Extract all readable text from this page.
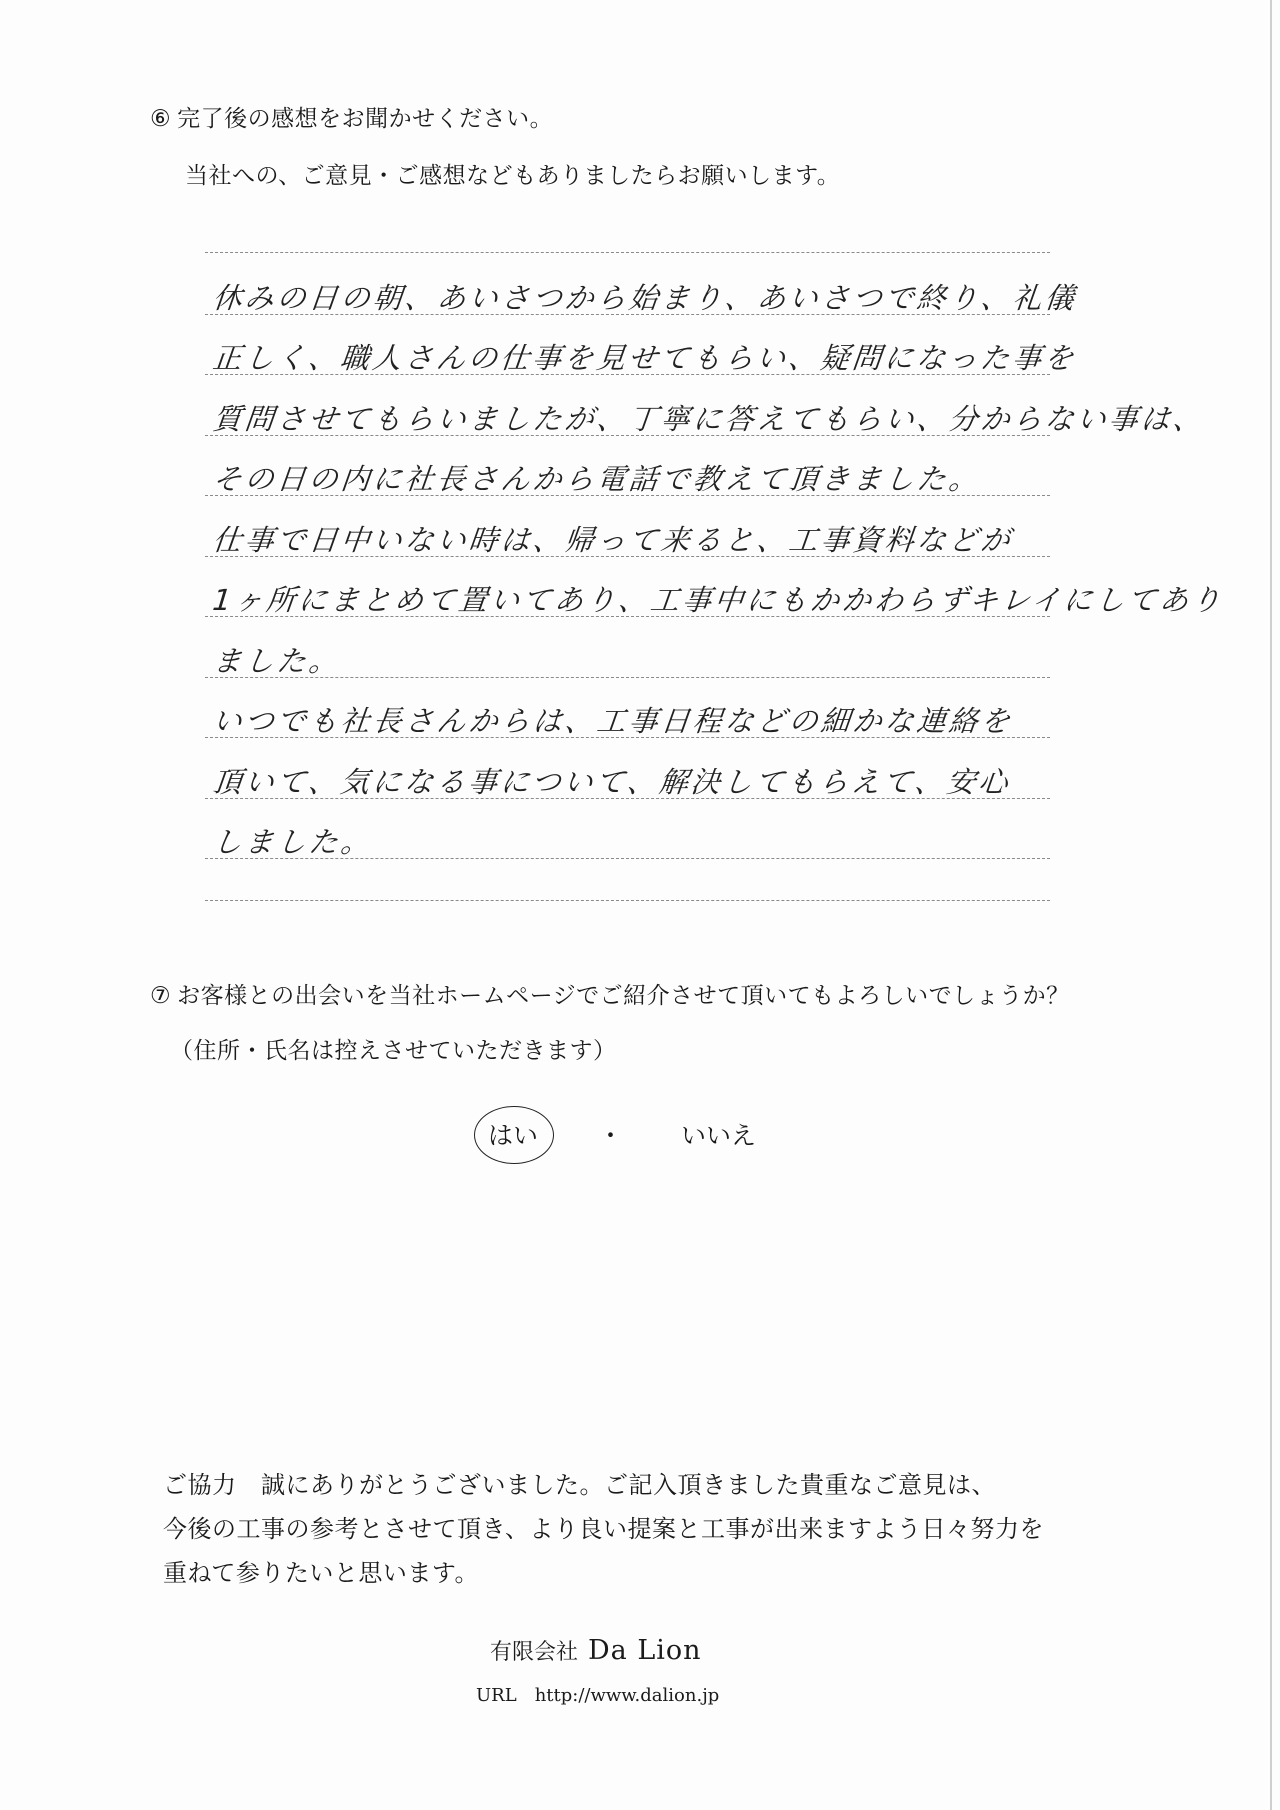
⑥ 完了後の感想をお聞かせください。
当社への、ご意見・ご感想などもありましたらお願いします。
休みの日の朝、あいさつから始まり、あいさつで終り、礼儀
正しく、職人さんの仕事を見せてもらい、疑問になった事を
質問させてもらいましたが、丁寧に答えてもらい、分からない事は、
その日の内に社長さんから電話で教えて頂きました。
仕事で日中いない時は、帰って来ると、工事資料などが
1ヶ所にまとめて置いてあり、工事中にもかかわらずキレイにしてあり
ました。
いつでも社長さんからは、工事日程などの細かな連絡を
頂いて、気になる事について、解決してもらえて、安心
しました。
⑦ お客様との出会いを当社ホームページでご紹介させて頂いてもよろしいでしょうか？
（住所・氏名は控えさせていただきます）
はい ・ いいえ
ご協力　誠にありがとうございました。ご記入頂きました貴重なご意見は、
今後の工事の参考とさせて頂き、より良い提案と工事が出来ますよう日々努力を
重ねて参りたいと思います。
有限会社 Da Lion
URL http://www.dalion.jp
